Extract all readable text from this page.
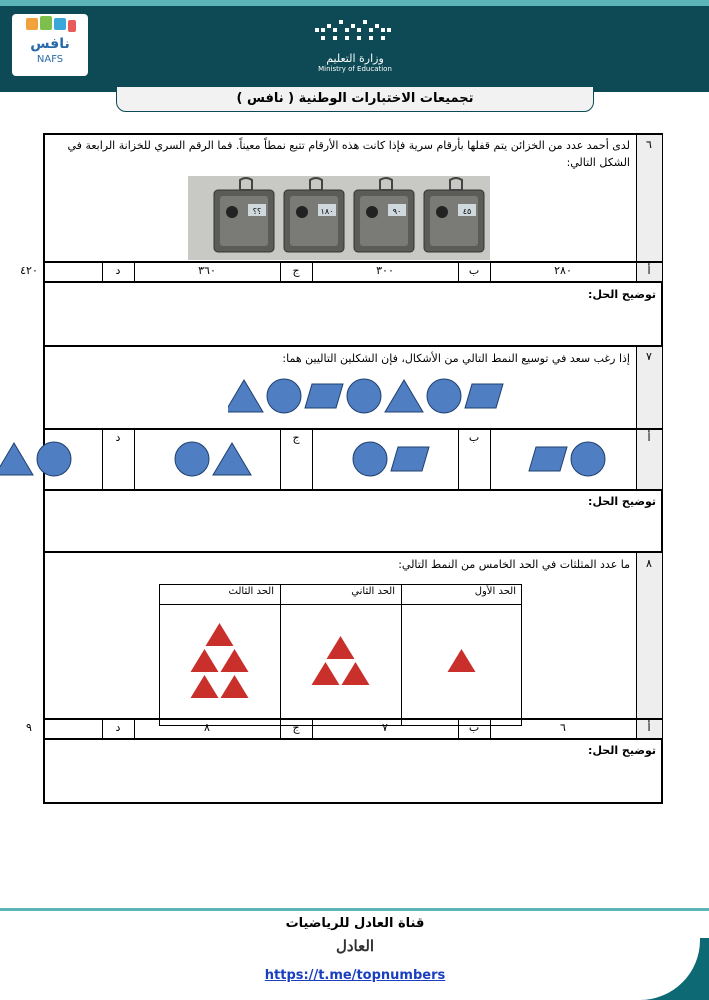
نافس
NAFS	وزارة التعليم
Ministry of Education
تجميعات الاختبارات الوطنية ( نافس )
٦
لدى أحمد عدد من الخزائن يتم قفلها بأرقام سرية فإذا كانت هذه الأرقام تتبع نمطاً معيناً. فما الرقم السري للخزانة الرابعة في الشكل التالي:
٤٥
٩٠
١٨٠
؟؟
أ
٢٨٠
ب
٣٠٠
ج
٣٦٠
د
٤٢٠
توضيح الحل:
٧
إذا رغب سعد في توسيع النمط التالي من الأشكال، فإن الشكلين التاليين هما:
أ
ب
ج
د
توضيح الحل:
٨
ما عدد المثلثات في الحد الخامس من النمط التالي:
الحد الأول
الحد الثاني
الحد الثالث
أ
٦
ب
٧
ج
٨
د
٩
توضيح الحل:
قناة العادل للرياضيات
العادل
https://t.me/topnumbers
